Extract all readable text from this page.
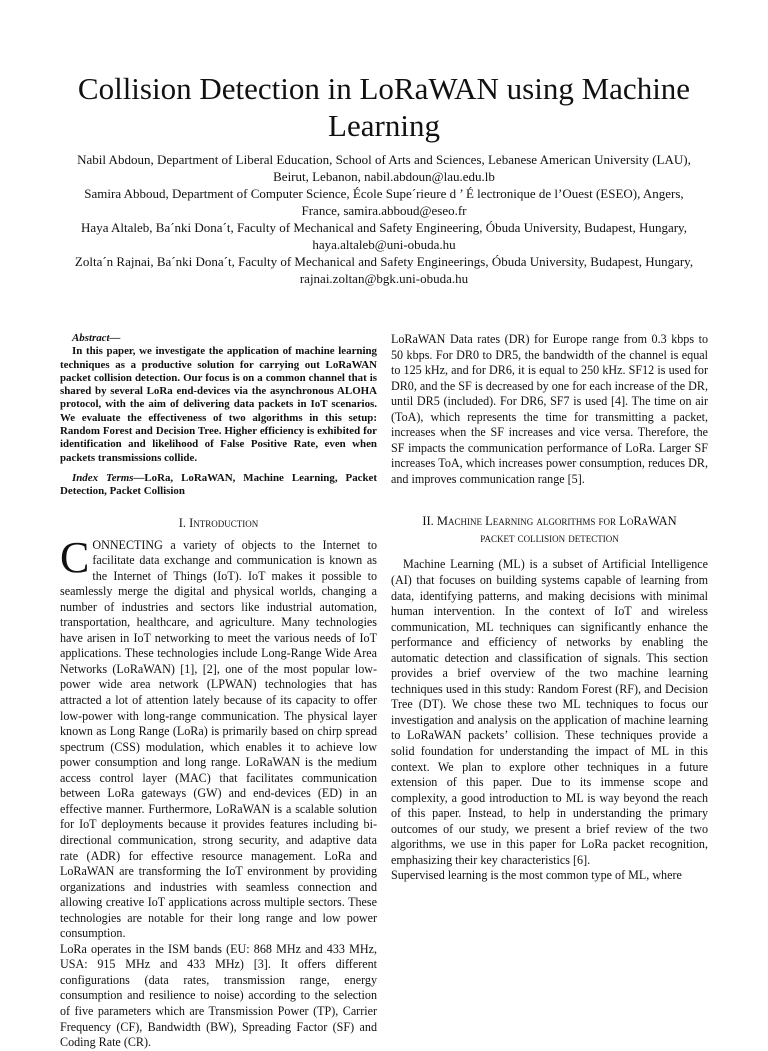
Collision Detection in LoRaWAN using Machine Learning

Nabil Abdoun, Department of Liberal Education, School of Arts and Sciences, Lebanese American University (LAU), Beirut, Lebanon, nabil.abdoun@lau.edu.lb

Samira Abboud, Department of Computer Science, École Supe´rieure d ’ É lectronique de l’Ouest (ESEO), Angers, France, samira.abboud@eseo.fr

Haya Altaleb, Ba´nki Dona´t, Faculty of Mechanical and Safety Engineering, Óbuda University, Budapest, Hungary, haya.altaleb@uni-obuda.hu

Zolta´n Rajnai, Ba´nki Dona´t, Faculty of Mechanical and Safety Engineerings, Óbuda University, Budapest, Hungary, rajnai.zoltan@bgk.uni-obuda.hu

Abstract—

In this paper, we investigate the application of machine learning techniques as a productive solution for carrying out LoRaWAN packet collision detection. Our focus is on a common channel that is shared by several LoRa end-devices via the asynchronous ALOHA protocol, with the aim of delivering data packets in IoT scenarios. We evaluate the effectiveness of two algorithms in this setup: Random Forest and Decision Tree. Higher efficiency is exhibited for identification and likelihood of False Positive Rate, even when packets transmissions collide.

Index Terms—LoRa, LoRaWAN, Machine Learning, Packet Detection, Packet Collision

I. Introduction

CONNECTING a variety of objects to the Internet to facilitate data exchange and communication is known as the Internet of Things (IoT). IoT makes it possible to seamlessly merge the digital and physical worlds, changing a number of industries and sectors like industrial automation, transportation, healthcare, and agriculture. Many technologies have arisen in IoT networking to meet the various needs of IoT applications. These technologies include Long-Range Wide Area Networks (LoRaWAN) [1], [2], one of the most popular low-power wide area network (LPWAN) technologies that has attracted a lot of attention lately because of its capacity to offer low-power with long-range communication. The physical layer known as Long Range (LoRa) is primarily based on chirp spread spectrum (CSS) modulation, which enables it to achieve low power consumption and long range. LoRaWAN is the medium access control layer (MAC) that facilitates communication between LoRa gateways (GW) and end-devices (ED) in an effective manner. Furthermore, LoRaWAN is a scalable solution for IoT deployments because it provides features including bi-directional communication, strong security, and adaptive data rate (ADR) for effective resource management. LoRa and LoRaWAN are transforming the IoT environment by providing organizations and industries with seamless connection and allowing creative IoT applications across multiple sectors. These technologies are notable for their long range and low power consumption.

LoRa operates in the ISM bands (EU: 868 MHz and 433 MHz, USA: 915 MHz and 433 MHz) [3]. It offers different configurations (data rates, transmission range, energy consumption and resilience to noise) according to the selection of five parameters which are Transmission Power (TP), Carrier Frequency (CF), Bandwidth (BW), Spreading Factor (SF) and Coding Rate (CR).

LoRaWAN Data rates (DR) for Europe range from 0.3 kbps to 50 kbps. For DR0 to DR5, the bandwidth of the channel is equal to 125 kHz, and for DR6, it is equal to 250 kHz. SF12 is used for DR0, and the SF is decreased by one for each increase of the DR, until DR5 (included). For DR6, SF7 is used [4]. The time on air (ToA), which represents the time for transmitting a packet, increases when the SF increases and vice versa. Therefore, the SF impacts the communication performance of LoRa. Larger SF increases ToA, which increases power consumption, reduces DR, and improves communication range [5].

II. Machine Learning algorithms for LoRaWAN
packet collision detection

Machine Learning (ML) is a subset of Artificial Intelligence (AI) that focuses on building systems capable of learning from data, identifying patterns, and making decisions with minimal human intervention. In the context of IoT and wireless communication, ML techniques can significantly enhance the performance and efficiency of networks by enabling the automatic detection and classification of signals. This section provides a brief overview of the two machine learning techniques used in this study: Random Forest (RF), and Decision Tree (DT). We chose these two ML techniques to focus our investigation and analysis on the application of machine learning to LoRaWAN packets’ collision. These techniques provide a solid foundation for understanding the impact of ML in this context. We plan to explore other techniques in a future extension of this paper. Due to its immense scope and complexity, a good introduction to ML is way beyond the reach of this paper. Instead, to help in understanding the primary outcomes of our study, we present a brief review of the two algorithms, we use in this paper for LoRa packet recognition, emphasizing their key characteristics [6].

Supervised learning is the most common type of ML, where
